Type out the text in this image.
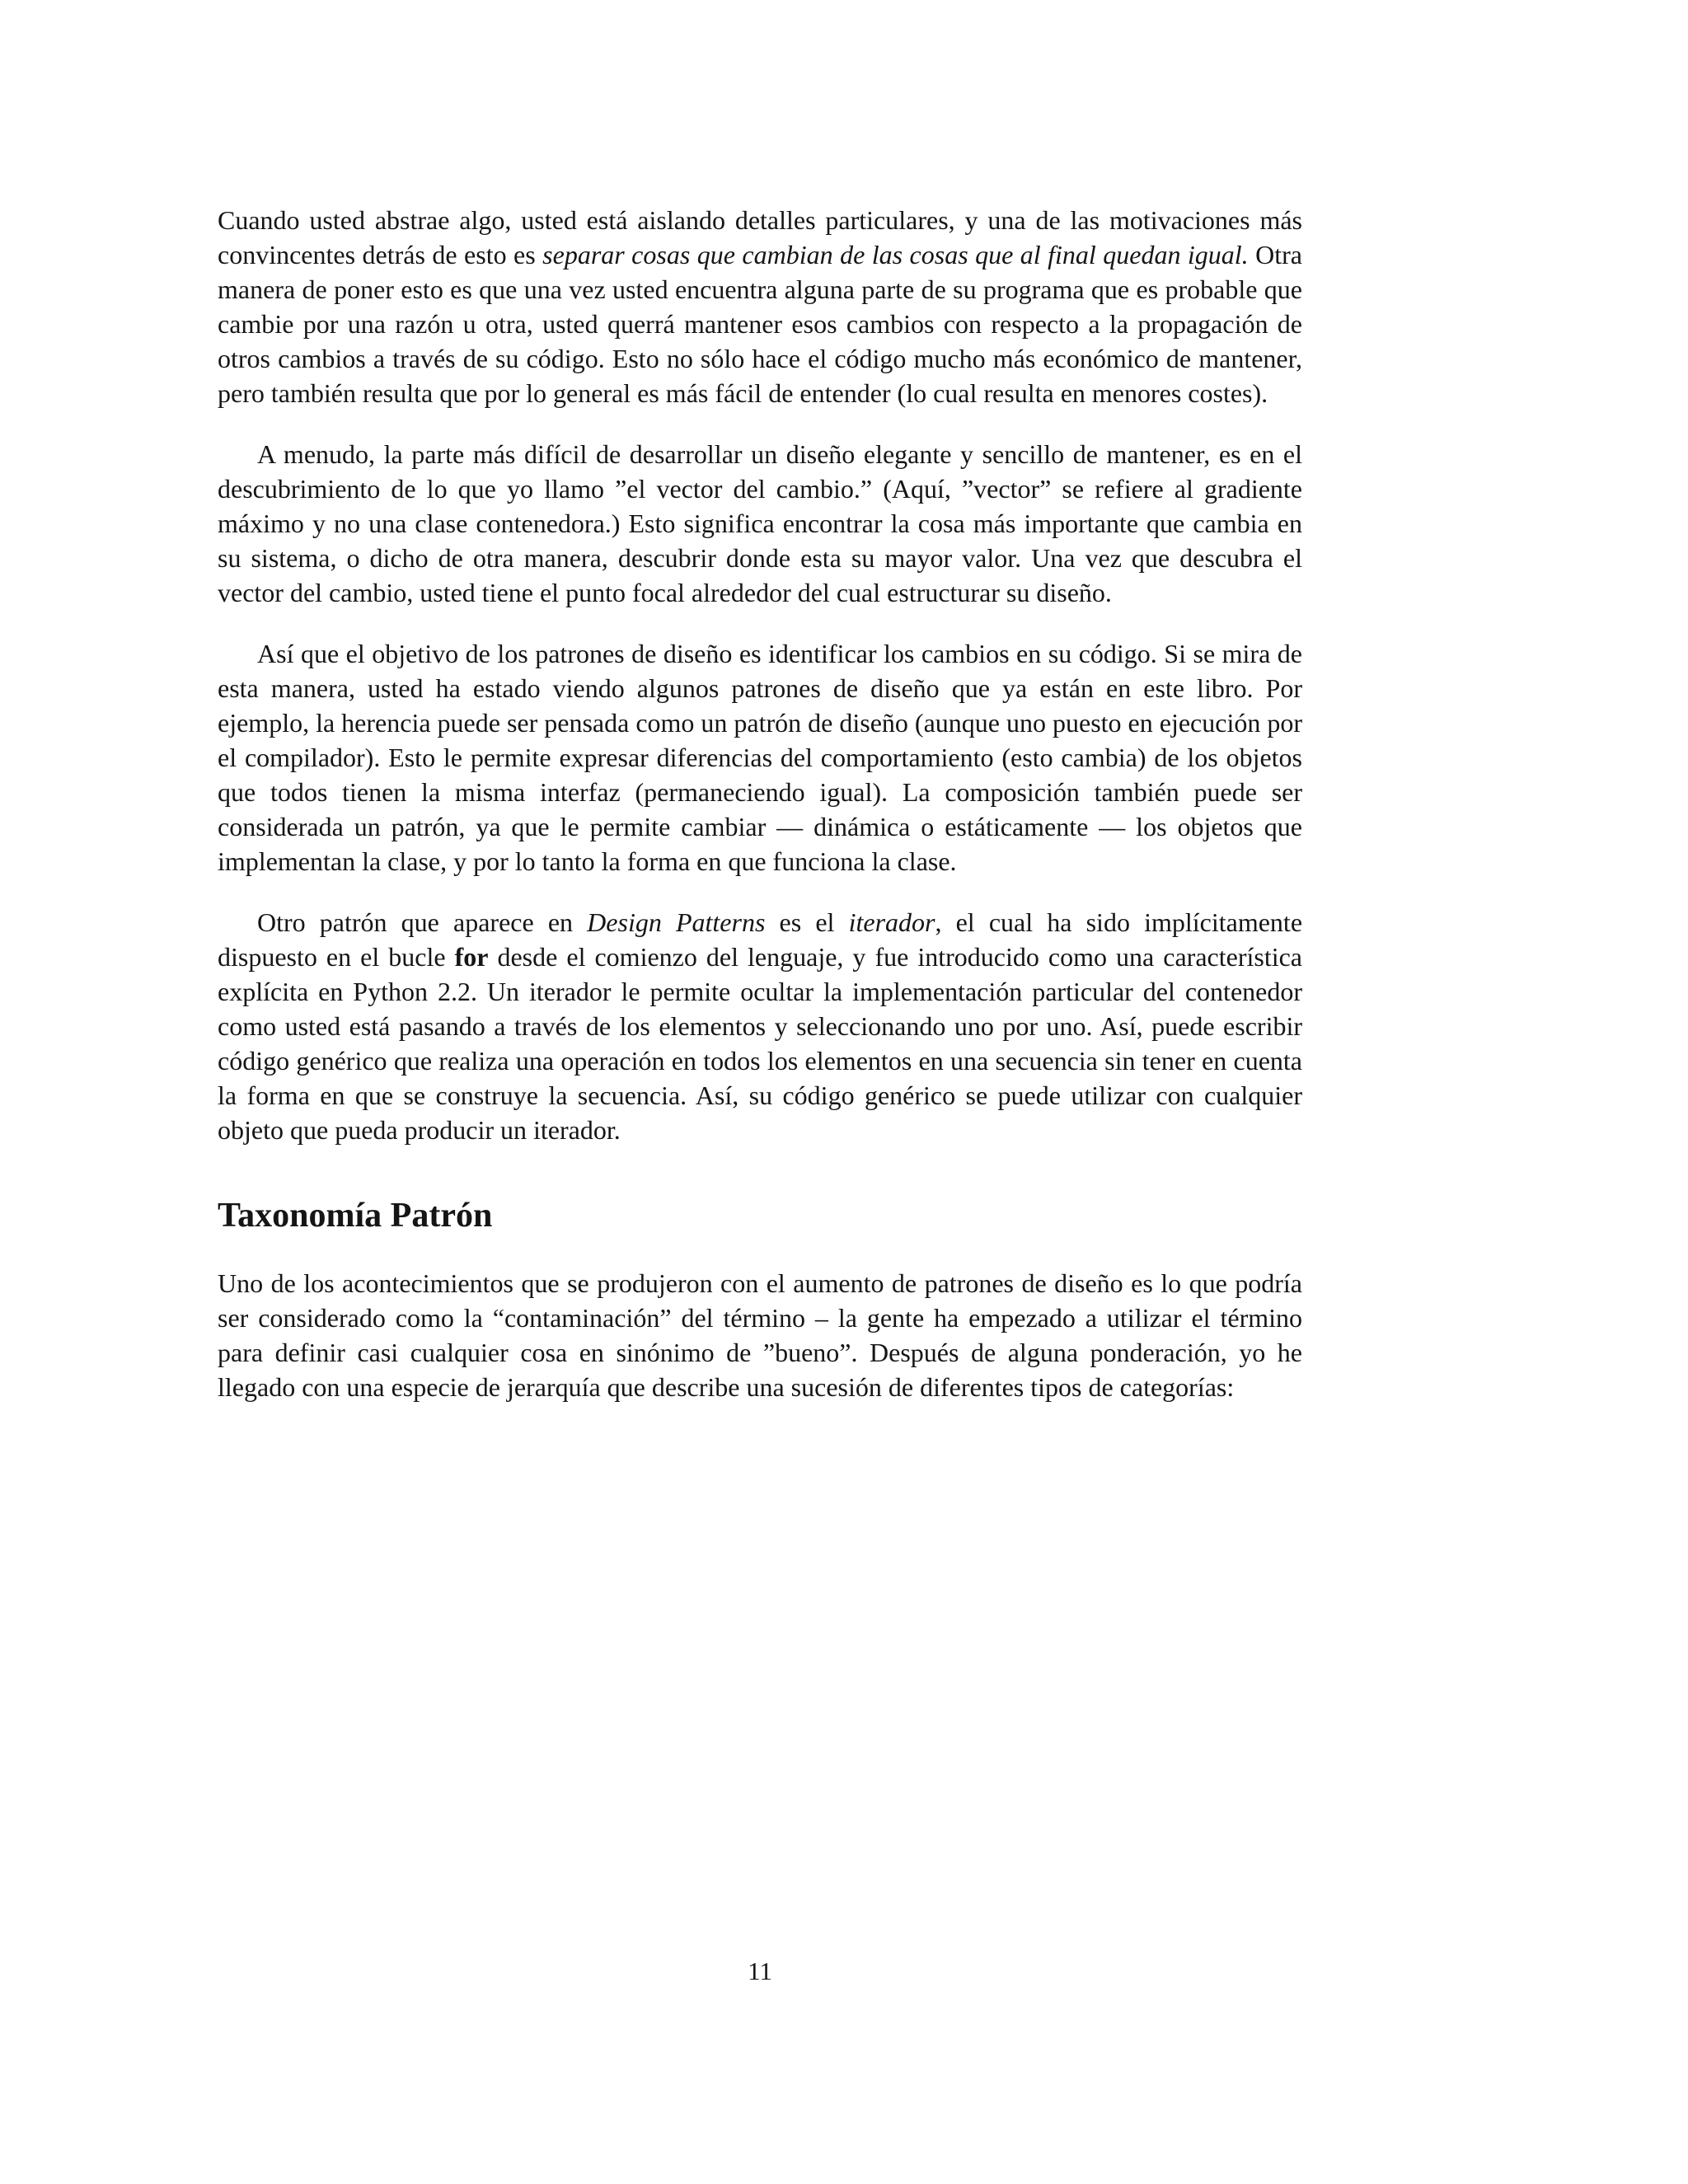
Cuando usted abstrae algo, usted está aislando detalles particulares, y una de las motivaciones más convincentes detrás de esto es separar cosas que cambian de las cosas que al final quedan igual. Otra manera de poner esto es que una vez usted encuentra alguna parte de su programa que es probable que cambie por una razón u otra, usted querrá mantener esos cambios con respecto a la propagación de otros cambios a través de su código. Esto no sólo hace el código mucho más económico de mantener, pero también resulta que por lo general es más fácil de entender (lo cual resulta en menores costes).

A menudo, la parte más difícil de desarrollar un diseño elegante y sencillo de mantener, es en el descubrimiento de lo que yo llamo ”el vector del cambio.” (Aquí, ”vector” se refiere al gradiente máximo y no una clase contenedora.) Esto significa encontrar la cosa más importante que cambia en su sistema, o dicho de otra manera, descubrir donde esta su mayor valor. Una vez que descubra el vector del cambio, usted tiene el punto focal alrededor del cual estructurar su diseño.

Así que el objetivo de los patrones de diseño es identificar los cambios en su código. Si se mira de esta manera, usted ha estado viendo algunos patrones de diseño que ya están en este libro. Por ejemplo, la herencia puede ser pensada como un patrón de diseño (aunque uno puesto en ejecución por el compilador). Esto le permite expresar diferencias del comportamiento (esto cambia) de los objetos que todos tienen la misma interfaz (permaneciendo igual). La composición también puede ser considerada un patrón, ya que le permite cambiar — dinámica o estáticamente — los objetos que implementan la clase, y por lo tanto la forma en que funciona la clase.

Otro patrón que aparece en Design Patterns es el iterador, el cual ha sido implícitamente dispuesto en el bucle for desde el comienzo del lenguaje, y fue introducido como una característica explícita en Python 2.2. Un iterador le permite ocultar la implementación particular del contenedor como usted está pasando a través de los elementos y seleccionando uno por uno. Así, puede escribir código genérico que realiza una operación en todos los elementos en una secuencia sin tener en cuenta la forma en que se construye la secuencia. Así, su código genérico se puede utilizar con cualquier objeto que pueda producir un iterador.

Taxonomía Patrón

Uno de los acontecimientos que se produjeron con el aumento de patrones de diseño es lo que podría ser considerado como la “contaminación” del término – la gente ha empezado a utilizar el término para definir casi cualquier cosa en sinónimo de ”bueno”. Después de alguna ponderación, yo he llegado con una especie de jerarquía que describe una sucesión de diferentes tipos de categorías:

11
